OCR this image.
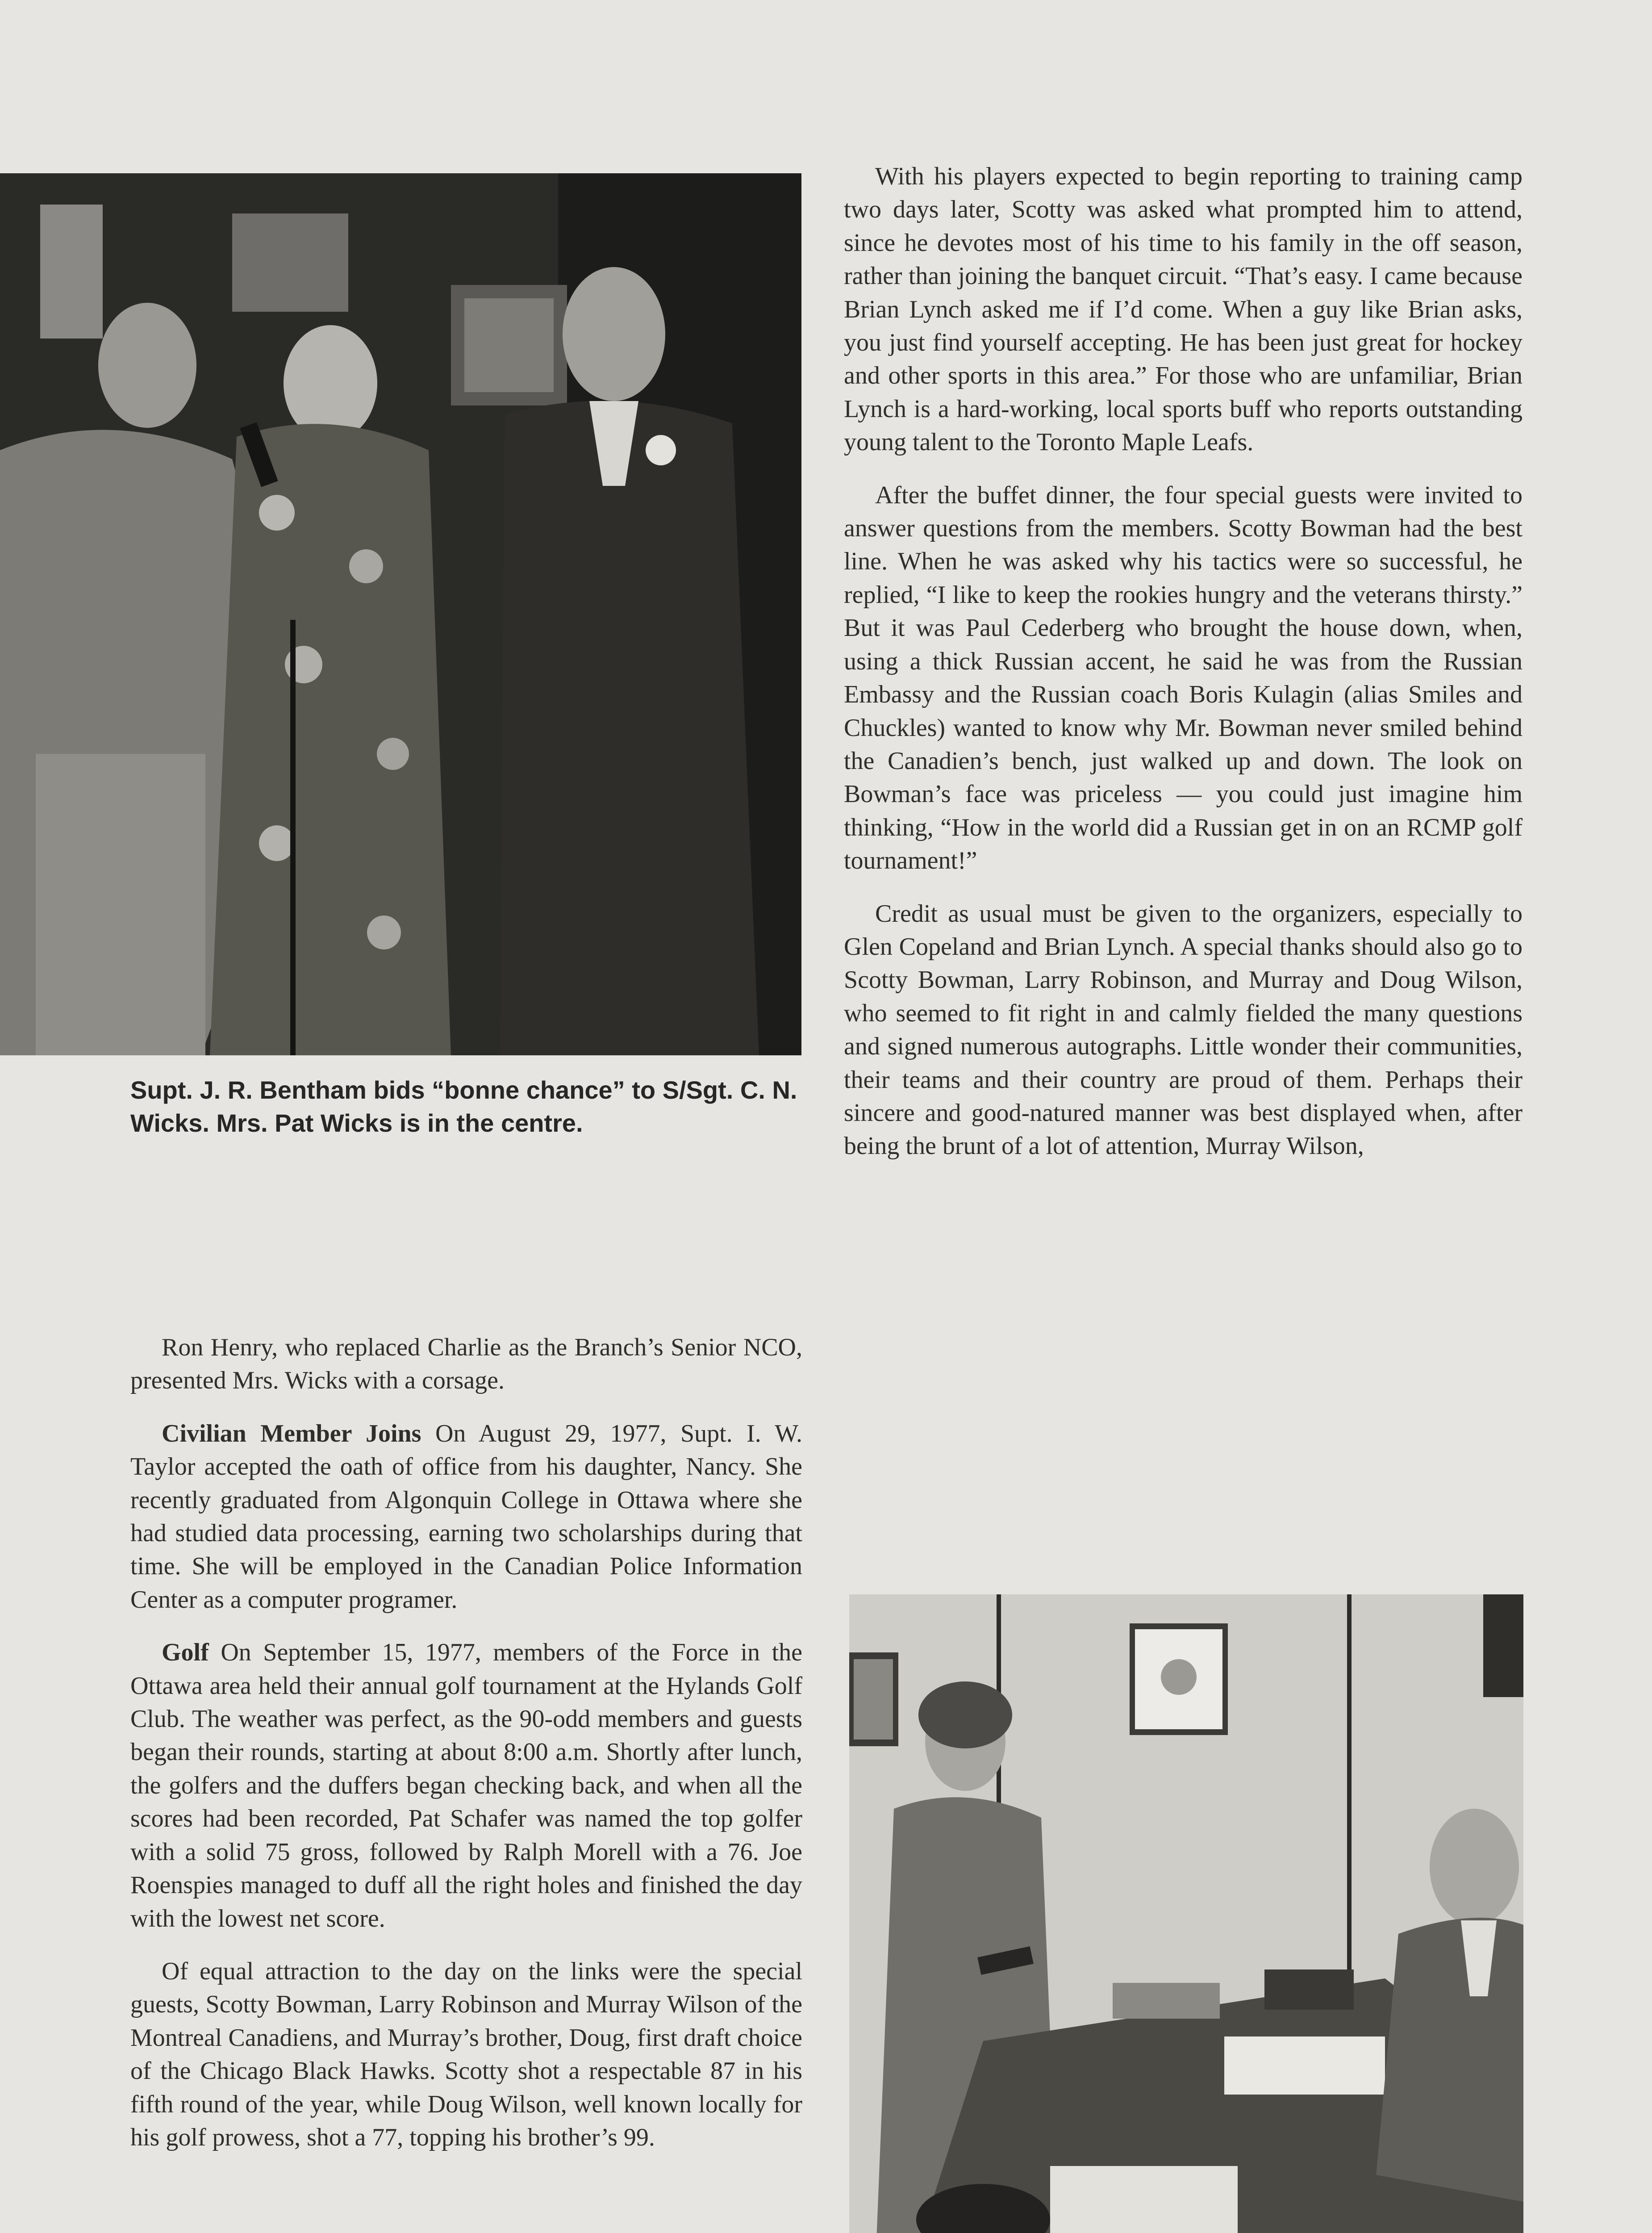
Supt. J. R. Bentham bids “bonne chance” to S/Sgt. C. N. Wicks. Mrs. Pat Wicks is in the centre.

Ron Henry, who replaced Charlie as the Branch’s Senior NCO, presented Mrs. Wicks with a corsage.

Civilian Member Joins On August 29, 1977, Supt. I. W. Taylor accepted the oath of office from his daughter, Nancy. She recently graduated from Algonquin College in Ottawa where she had studied data processing, earning two scholarships during that time. She will be employed in the Canadian Police Information Center as a computer programer.

Golf On September 15, 1977, members of the Force in the Ottawa area held their annual golf tournament at the Hylands Golf Club. The weather was perfect, as the 90-odd members and guests began their rounds, starting at about 8:00 a.m. Shortly after lunch, the golfers and the duffers began checking back, and when all the scores had been recorded, Pat Schafer was named the top golfer with a solid 75 gross, followed by Ralph Morell with a 76. Joe Roenspies managed to duff all the right holes and finished the day with the lowest net score.

Of equal attraction to the day on the links were the special guests, Scotty Bowman, Larry Robinson and Murray Wilson of the Montreal Canadiens, and Murray’s brother, Doug, first draft choice of the Chicago Black Hawks. Scotty shot a respectable 87 in his fifth round of the year, while Doug Wilson, well known locally for his golf prowess, shot a 77, topping his brother’s 99.

With his players expected to begin reporting to training camp two days later, Scotty was asked what prompted him to attend, since he devotes most of his time to his family in the off season, rather than joining the banquet circuit. “That’s easy. I came because Brian Lynch asked me if I’d come. When a guy like Brian asks, you just find yourself accepting. He has been just great for hockey and other sports in this area.” For those who are unfamiliar, Brian Lynch is a hard-working, local sports buff who reports outstanding young talent to the Toronto Maple Leafs.

After the buffet dinner, the four special guests were invited to answer questions from the members. Scotty Bowman had the best line. When he was asked why his tactics were so successful, he replied, “I like to keep the rookies hungry and the veterans thirsty.” But it was Paul Cederberg who brought the house down, when, using a thick Russian accent, he said he was from the Russian Embassy and the Russian coach Boris Kulagin (alias Smiles and Chuckles) wanted to know why Mr. Bowman never smiled behind the Canadien’s bench, just walked up and down. The look on Bowman’s face was priceless — you could just imagine him thinking, “How in the world did a Russian get in on an RCMP golf tournament!”

Credit as usual must be given to the organizers, especially to Glen Copeland and Brian Lynch. A special thanks should also go to Scotty Bowman, Larry Robinson, and Murray and Doug Wilson, who seemed to fit right in and calmly fielded the many questions and signed numerous autographs. Little wonder their communities, their teams and their country are proud of them. Perhaps their sincere and good-natured manner was best displayed when, after being the brunt of a lot of attention, Murray Wilson,
